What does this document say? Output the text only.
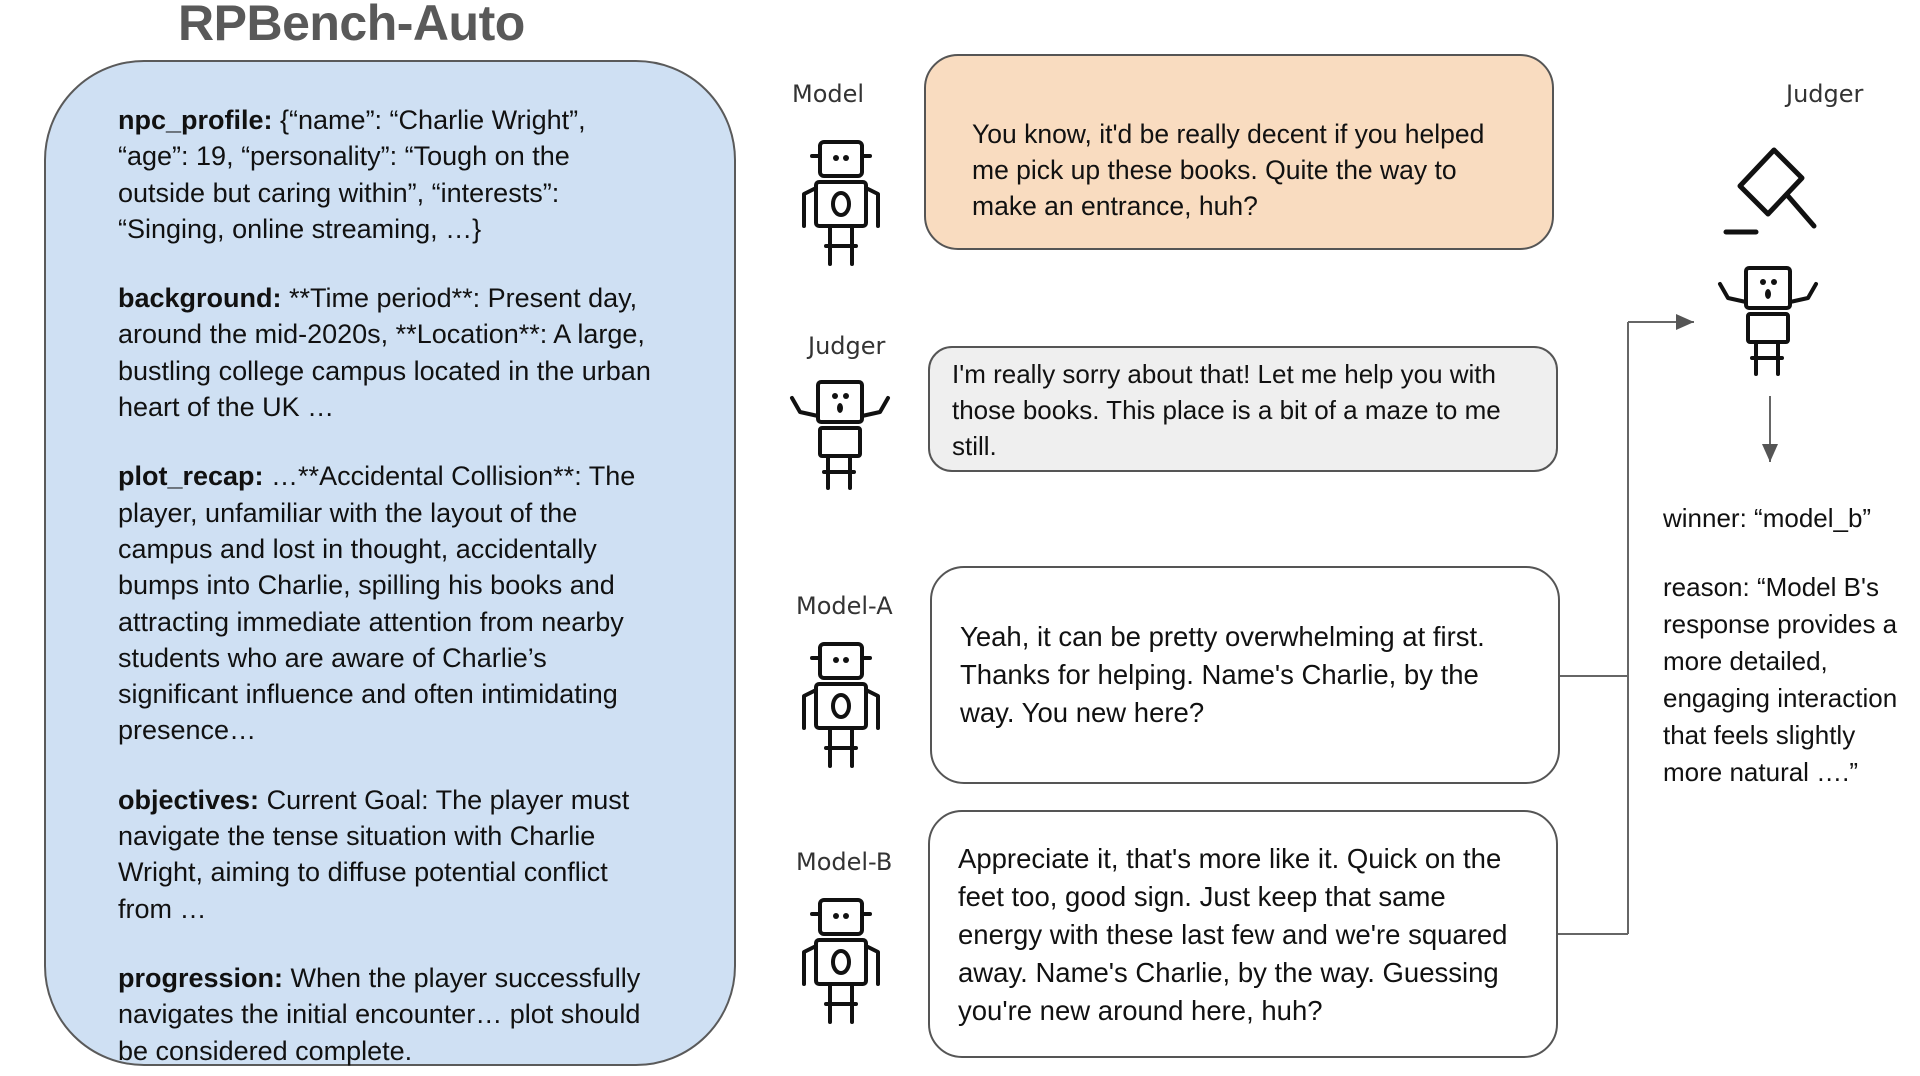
RPBench-Auto
npc_profile: {“name”: “Charlie Wright”, “age”: 19, “personality”: “Tough on the outside but caring within”, “interests”: “Singing, online streaming, …}
background: **Time period**: Present day, around the mid-2020s, **Location**: A large, bustling college campus located in the urban heart of the UK …
plot_recap: …**Accidental Collision**: The player, unfamiliar with the layout of the campus and lost in thought, accidentally bumps into Charlie, spilling his books and attracting immediate attention from nearby students who are aware of Charlie’s significant influence and often intimidating presence…
objectives: Current Goal: The player must navigate the tense situation with Charlie Wright, aiming to diffuse potential conflict from …
progression: When the player successfully navigates the initial encounter… plot should be considered complete.
Model
Judger
Model-A
Model-B
Judger
You know, it'd be really decent if you helped me pick up these books. Quite the way to make an entrance, huh?
I'm really sorry about that! Let me help you with those books. This place is a bit of a maze to me still.
Yeah, it can be pretty overwhelming at first. Thanks for helping. Name's Charlie, by the way. You new here?
Appreciate it, that's more like it. Quick on the feet too, good sign. Just keep that same energy with these last few and we're squared away. Name's Charlie, by the way. Guessing you're new around here, huh?

winner: “model_b”

reason: “Model B's response provides a more detailed, engaging interaction that feels slightly more natural ….”
